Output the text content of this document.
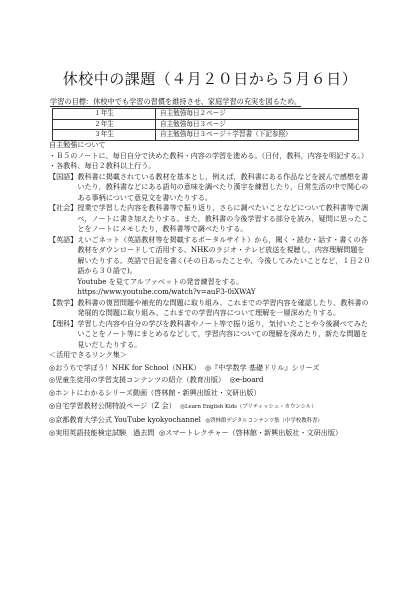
休校中の課題（４月２０日から５月６日）
学習の目標：休校中でも学習の習慣を維持させ、家庭学習の充実を図るため。
１年生	自主勉強毎日２ページ
２年生	自主勉強毎日３ページ
３年生	自主勉強毎日３ページ＋学習書（下記参照）

自主勉強について

・Ｂ５のノートに、毎日自分で決めた教科・内容の学習を進める。（日付，教科，内容を明記する。）

・各教科、毎日２教科以上行う。

【国語】 教科書に掲載されている教材を基本とし，例えば，教科書にある作品などを読んで感想を書いたり，教科書などにある語句の意味を調べたり漢字を練習したり，日常生活の中で関心のある事柄について意見文を書いたりする。
【社会】 授業で学習した内容を教科書等で振り返り，さらに調べたいことなどについて教科書等で調べ，ノートに書き加えたりする。また，教科書の今後学習する部分を読み，疑問に思ったことをノートにメモしたり，教科書等で調べたりする。
【英語】 えいごネット（英語教材等を掲載するポータルサイト）から，聞く・読む・話す・書くの各教材をダウンロードして活用する、NHKのラジオ・テレビ放送を視聴し，内容理解問題を解いたりする。英語で日記を書く(その日あったことや、今後してみたいことなど，１日２０語から３０語で)。
Youtube を見てアルファベットの発音練習をする。
https://www.youtube.com/watch?v=auF3-0iXWAY
【数学】 教科書の復習問題や補充的な問題に取り組み、これまでの学習内容を確認したり、教科書の発展的な問題に取り組み、これまでの学習内容について理解を一層深めたりする。
【理科】 学習した内容や自分の学びを教科書やノート等で振り返り，気付いたことや今後調べてみたいことをノート等にまとめるなどして，学習内容についての理解を深めたり，新たな問題を見いだしたりする。

＜活用できるリンク集＞

◎おうちで学ぼう！NHK for School（NHK） ◎『中学数学 基礎ドリル』シリーズ
◎児童生徒用の学習支援コンテンツの紹介（教育出版） ◎e-board
◎ホントにわかるシリーズ動画（啓林館・新興出版社・文研出版）
◎自宅学習教材公開特設ページ（Z 会） ◎Learn English Kids（ブリティッシュ・カウンシル）
◎京都教育大学公式 YouTube kyokyochannel ◎啓林館デジタルコンテンツ集（中学校教科書）
◎実用英語技能検定試験　過去問 ◎スマートレクチャー（啓林館・新興出版社・文研出版）
